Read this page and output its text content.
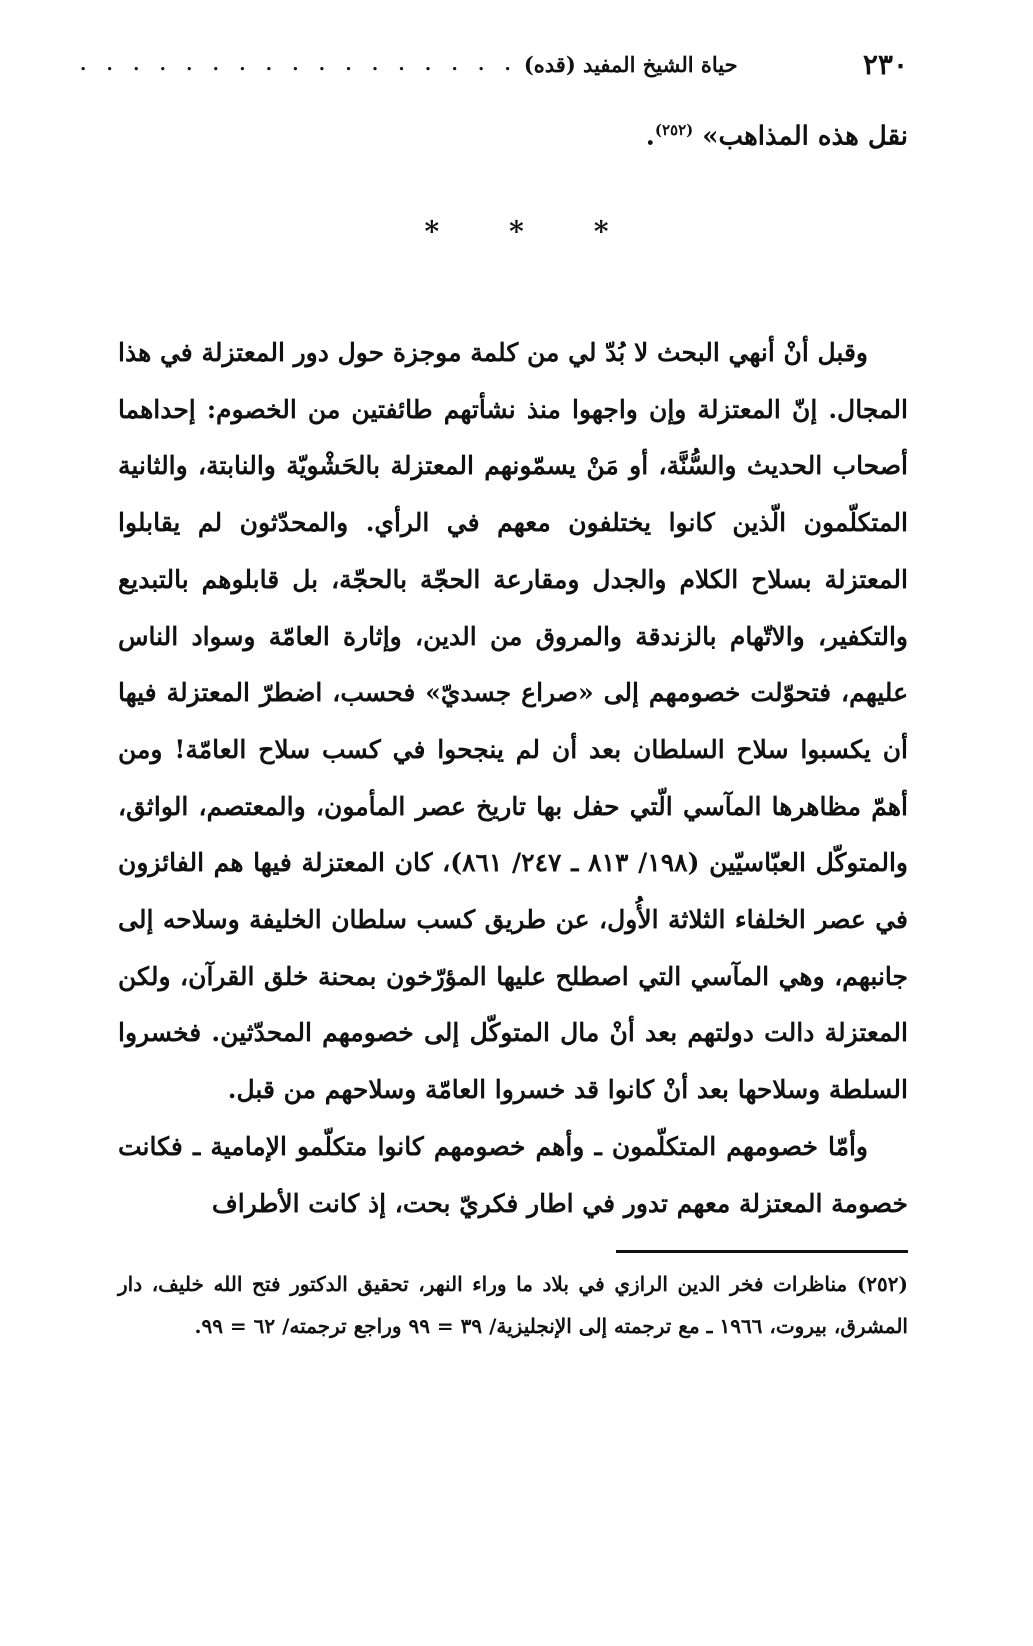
٢٣٠
حياة الشيخ المفيد (قده)
. . . . . . . . . . . . . . . . .
نقل هذه المذاهب» $^{(٢٥٢)}$.
*
*
*

وقبل أنْ أنهي البحث لا بُدّ لي من كلمة موجزة حول دور المعتزلة في هذا المجال. إنّ المعتزلة وإن واجهوا منذ نشأتهم طائفتين من الخصوم: إحداهما أصحاب الحديث والسُّنَّة، أو مَنْ يسمّونهم المعتزلة بالحَشْويّة والنابتة، والثانية المتكلّمون الّذين كانوا يختلفون معهم في الرأي. والمحدّثون لم يقابلوا المعتزلة بسلاح الكلام والجدل ومقارعة الحجّة بالحجّة، بل قابلوهم بالتبديع والتكفير، والاتّهام بالزندقة والمروق من الدين، وإثارة العامّة وسواد الناس عليهم، فتحوّلت خصومهم إلى «صراع جسديّ» فحسب، اضطرّ المعتزلة فيها أن يكسبوا سلاح السلطان بعد أن لم ينجحوا في كسب سلاح العامّة! ومن أهمّ مظاهرها المآسي الّتي حفل بها تاريخ عصر المأمون، والمعتصم، الواثق، والمتوكّل العبّاسيّين (١٩٨/ ٨١٣ ـ ٢٤٧/ ٨٦١)، كان المعتزلة فيها هم الفائزون في عصر الخلفاء الثلاثة الأُول، عن طريق كسب سلطان الخليفة وسلاحه إلى جانبهم، وهي المآسي التي اصطلح عليها المؤرّخون بمحنة خلق القرآن، ولكن المعتزلة دالت دولتهم بعد أنْ مال المتوكّل إلى خصومهم المحدّثين. فخسروا السلطة وسلاحها بعد أنْ كانوا قد خسروا العامّة وسلاحهم من قبل.

وأمّا خصومهم المتكلّمون ـ وأهم خصومهم كانوا متكلّمو الإمامية ـ فكانت خصومة المعتزلة معهم تدور في اطار فكريّ بحت، إذ كانت الأطراف

(٢٥٢) مناظرات فخر الدين الرازي في بلاد ما وراء النهر، تحقيق الدكتور فتح الله خليف، دار المشرق، بيروت، ١٩٦٦ ـ مع ترجمته إلى الإنجليزية/ ٣٩ = ٩٩ وراجع ترجمته/ ٦٢ = ٩٩.
